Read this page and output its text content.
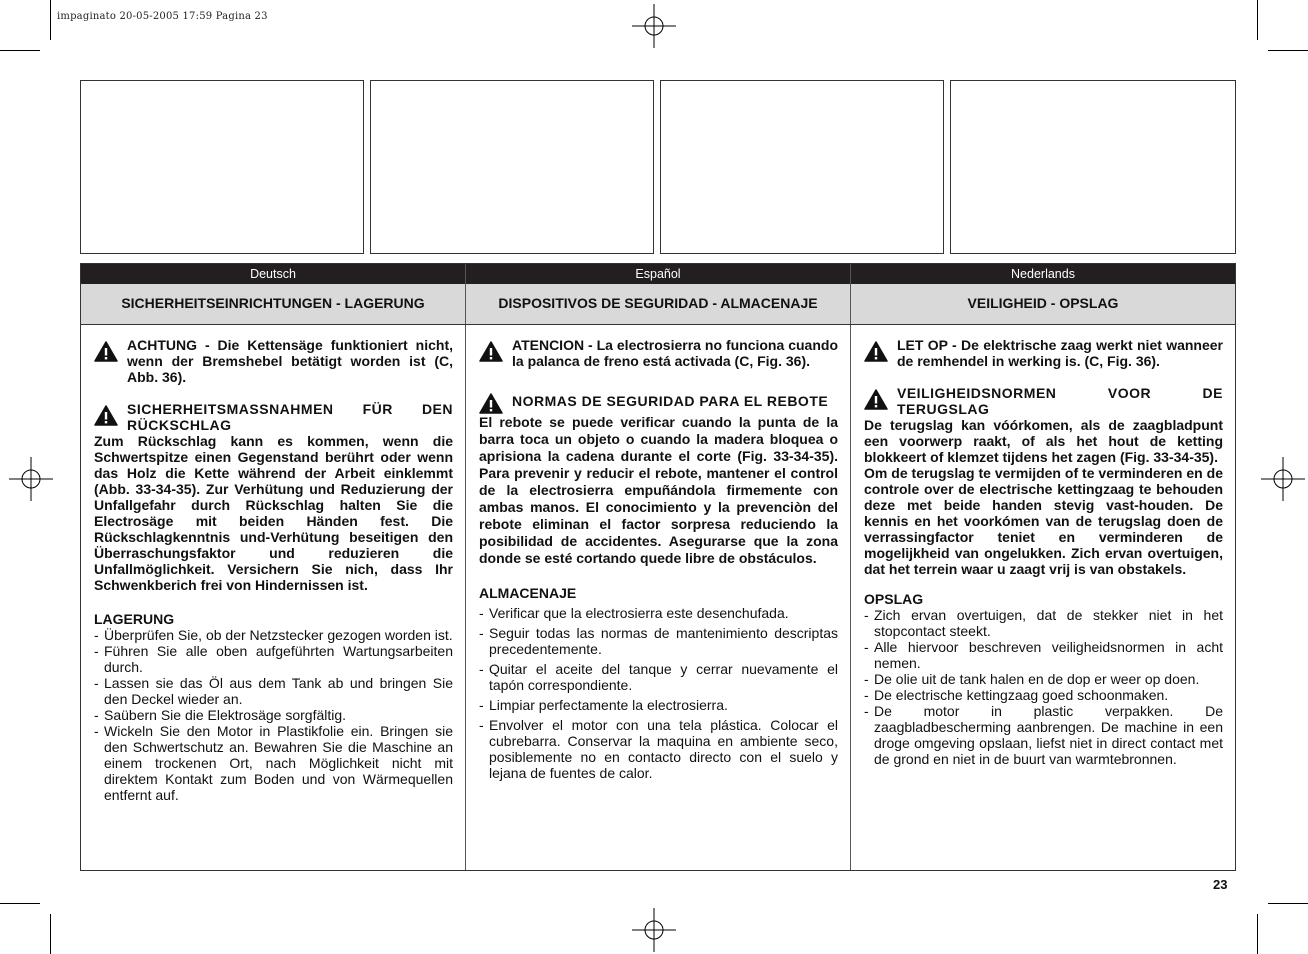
impaginato 20-05-2005 17:59 Pagina 23
Deutsch	Español	Nederlands
SICHERHEITSEINRICHTUNGEN - LAGERUNG	DISPOSITIVOS DE SEGURIDAD - ALMACENAJE	VEILIGHEID - OPSLAG
ACHTUNG - Die Kettensäge funktioniert nicht, wenn der Bremshebel betätigt worden ist (C, Abb. 36).
SICHERHEITSMASSNAHMEN FÜR DEN RÜCKSCHLAG
Zum Rückschlag kann es kommen, wenn die Schwertspitze einen Gegenstand berührt oder wenn das Holz die Kette während der Arbeit einklemmt (Abb. 33-34-35). Zur Verhütung und Reduzierung der Unfallgefahr durch Rückschlag halten Sie die Electrosäge mit beiden Händen fest. Die Rückschlagkenntnis und-Verhütung beseitigen den Überraschungsfaktor und reduzieren die Unfallmöglichkeit. Versichern Sie nich, dass Ihr Schwenkberich frei von Hindernissen ist.
LAGERUNG
- Überprüfen Sie, ob der Netzstecker gezogen worden ist.
- Führen Sie alle oben aufgeführten Wartungsarbeiten durch.
- Lassen sie das Öl aus dem Tank ab und bringen Sie den Deckel wieder an.
- Saübern Sie die Elektrosäge sorgfältig.
- Wickeln Sie den Motor in Plastikfolie ein. Bringen sie den Schwertschutz an. Bewahren Sie die Maschine an einem trockenen Ort, nach Möglichkeit nicht mit direktem Kontakt zum Boden und von Wärmequellen entfernt auf.
ATENCION - La electrosierra no funciona cuando la palanca de freno está activada (C, Fig. 36).
NORMAS DE SEGURIDAD PARA EL REBOTE
El rebote se puede verificar cuando la punta de la barra toca un objeto o cuando la madera bloquea o aprisiona la cadena durante el corte (Fig. 33-34-35). Para prevenir y reducir el rebote, mantener el control de la electrosierra empuñándola firmemente con ambas manos. El conocimiento y la prevenciòn del rebote eliminan el factor sorpresa reduciendo la posibilidad de accidentes. Asegurarse que la zona donde se esté cortando quede libre de obstáculos.
ALMACENAJE
- Verificar que la electrosierra este desenchufada.
- Seguir todas las normas de mantenimiento descriptas precedentemente.
- Quitar el aceite del tanque y cerrar nuevamente el tapón correspondiente.
- Limpiar perfectamente la electrosierra.
- Envolver el motor con una tela plástica. Colocar el cubrebarra. Conservar la maquina en ambiente seco, posiblemente no en contacto directo con el suelo y lejana de fuentes de calor.
LET OP - De elektrische zaag werkt niet wanneer de remhendel in werking is. (C, Fig. 36).
VEILIGHEIDSNORMEN VOOR DE TERUGSLAG
De terugslag kan vóórkomen, als de zaagbladpunt een voorwerp raakt, of als het hout de ketting blokkeert of klemzet tijdens het zagen (Fig. 33-34-35).
Om de terugslag te vermijden of te verminderen en de controle over de electrische kettingzaag te behouden deze met beide handen stevig vast-houden. De kennis en het voorkómen van de terugslag doen de verrassingfactor teniet en verminderen de mogelijkheid van ongelukken. Zich ervan overtuigen, dat het terrein waar u zaagt vrij is van obstakels.
OPSLAG
- Zich ervan overtuigen, dat de stekker niet in het stopcontact steekt.
- Alle hiervoor beschreven veiligheidsnormen in acht nemen.
- De olie uit de tank halen en de dop er weer op doen.
- De electrische kettingzaag goed schoonmaken.
- De motor in plastic verpakken. De zaagbladbescherming aanbrengen. De machine in een droge omgeving opslaan, liefst niet in direct contact met de grond en niet in de buurt van warmtebronnen.
23
